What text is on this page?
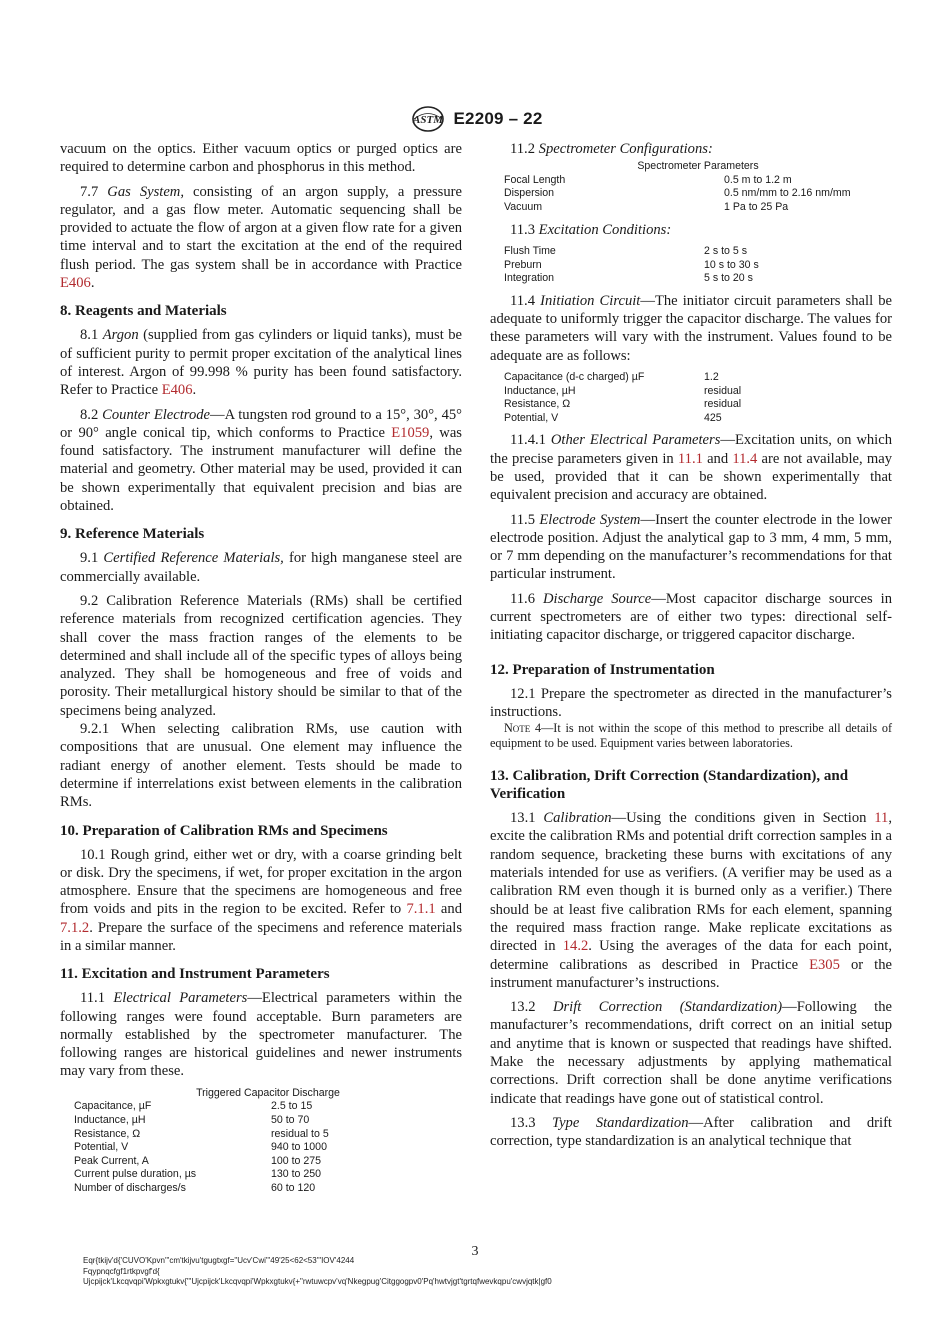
ASTM E2209 – 22

vacuum on the optics. Either vacuum optics or purged optics are required to determine carbon and phosphorus in this method.

7.7 Gas System, consisting of an argon supply, a pressure regulator, and a gas flow meter. Automatic sequencing shall be provided to actuate the flow of argon at a given flow rate for a given time interval and to start the excitation at the end of the required flush period. The gas system shall be in accordance with Practice E406.

8. Reagents and Materials

8.1 Argon (supplied from gas cylinders or liquid tanks), must be of sufficient purity to permit proper excitation of the analytical lines of interest. Argon of 99.998 % purity has been found satisfactory. Refer to Practice E406.

8.2 Counter Electrode—A tungsten rod ground to a 15°, 30°, 45° or 90° angle conical tip, which conforms to Practice E1059, was found satisfactory. The instrument manufacturer will define the material and geometry. Other material may be used, provided it can be shown experimentally that equivalent precision and bias are obtained.

9. Reference Materials

9.1 Certified Reference Materials, for high manganese steel are commercially available.

9.2 Calibration Reference Materials (RMs) shall be certified reference materials from recognized certification agencies. They shall cover the mass fraction ranges of the elements to be determined and shall include all of the specific types of alloys being analyzed. They shall be homogeneous and free of voids and porosity. Their metallurgical history should be similar to that of the specimens being analyzed.

9.2.1 When selecting calibration RMs, use caution with compositions that are unusual. One element may influence the radiant energy of another element. Tests should be made to determine if interrelations exist between elements in the calibration RMs.

10. Preparation of Calibration RMs and Specimens

10.1 Rough grind, either wet or dry, with a coarse grinding belt or disk. Dry the specimens, if wet, for proper excitation in the argon atmosphere. Ensure that the specimens are homogeneous and free from voids and pits in the region to be excited. Refer to 7.1.1 and 7.1.2. Prepare the surface of the specimens and reference materials in a similar manner.

11. Excitation and Instrument Parameters

11.1 Electrical Parameters—Electrical parameters within the following ranges were found acceptable. Burn parameters are normally established by the spectrometer manufacturer. The following ranges are historical guidelines and newer instruments may vary from these.

Triggered Capacitor Discharge
Capacitance, µF	2.5 to 15
Inductance, µH	50 to 70
Resistance, Ω	residual to 5
Potential, V	940 to 1000
Peak Current, A	100 to 275
Current pulse duration, µs	130 to 250
Number of discharges/s	60 to 120

11.2 Spectrometer Configurations:

Spectrometer Parameters
Focal Length	0.5 m to 1.2 m
Dispersion	0.5 nm/mm to 2.16 nm/mm
Vacuum	1 Pa to 25 Pa

11.3 Excitation Conditions:

Flush Time	2 s to 5 s
Preburn	10 s to 30 s
Integration	5 s to 20 s

11.4 Initiation Circuit—The initiator circuit parameters shall be adequate to uniformly trigger the capacitor discharge. The values for these parameters will vary with the instrument. Values found to be adequate are as follows:

Capacitance (d-c charged) µF	1.2
Inductance, µH	residual
Resistance, Ω	residual
Potential, V	425

11.4.1 Other Electrical Parameters—Excitation units, on which the precise parameters given in 11.1 and 11.4 are not available, may be used, provided that it can be shown experimentally that equivalent precision and accuracy are obtained.

11.5 Electrode System—Insert the counter electrode in the lower electrode position. Adjust the analytical gap to 3 mm, 4 mm, 5 mm, or 7 mm depending on the manufacturer’s recommendations for that particular instrument.

11.6 Discharge Source—Most capacitor discharge sources in current spectrometers are of either two types: directional self-initiating capacitor discharge, or triggered capacitor discharge.

12. Preparation of Instrumentation

12.1 Prepare the spectrometer as directed in the manufacturer’s instructions.

Note 4—It is not within the scope of this method to prescribe all details of equipment to be used. Equipment varies between laboratories.

13. Calibration, Drift Correction (Standardization), and Verification

13.1 Calibration—Using the conditions given in Section 11, excite the calibration RMs and potential drift correction samples in a random sequence, bracketing these burns with excitations of any materials intended for use as verifiers. (A verifier may be used as a calibration RM even though it is burned only as a verifier.) There should be at least five calibration RMs for each element, spanning the required mass fraction range. Make replicate excitations as directed in 14.2. Using the averages of the data for each point, determine calibrations as described in Practice E305 or the instrument manufacturer’s instructions.

13.2 Drift Correction (Standardization)—Following the manufacturer’s recommendations, drift correct on an initial setup and anytime that is known or suspected that readings have shifted. Make the necessary adjustments by applying mathematical corrections. Drift correction shall be done anytime verifications indicate that readings have gone out of statistical control.

13.3 Type Standardization—After calibration and drift correction, type standardization is an analytical technique that

3
Eqr{tkijv'd{'CUVO'Kpvn'"cm'tkijvu'tgugtxgf="Ucv'Cwi'"49'25<62<53'"IOV'4244
Fqypnqcfgf1rtkpvgf'd{
Ujcpijck'Lkcqvqpi'Wpkxgtukv{"'Ujcpijck'Lkcqvqpi'Wpkxgtukv{+"rwtuwcpv'vq'Nkegpug'Citggogpv0'Pq'hwtvjgt'tgrtqfwevkqpu'cwvjqtk|gf0
